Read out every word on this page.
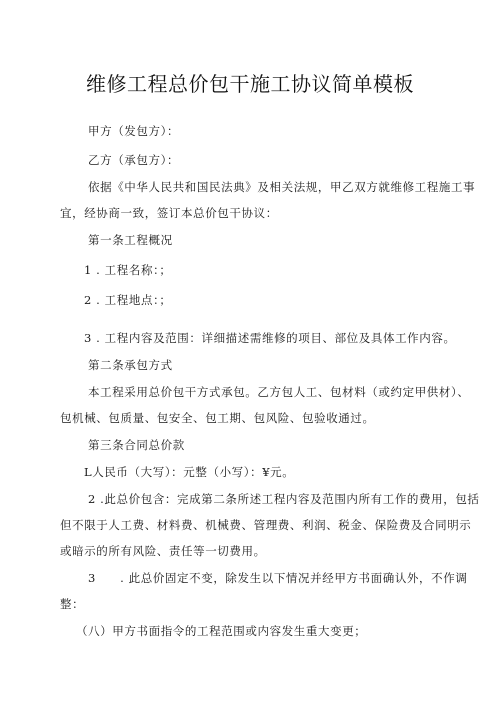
维修工程总价包干施工协议简单模板
甲方（发包方）：
乙方（承包方）：
依据《中华人民共和国民法典》及相关法规，甲乙双方就维修工程施工事
宜，经协商一致，签订本总价包干协议：
第一条工程概况
1 . 工程名称：；
2 . 工程地点：；
3 . 工程内容及范围：详细描述需维修的项目、部位及具体工作内容。
第二条承包方式
本工程采用总价包干方式承包。乙方包人工、包材料（或约定甲供材）、
包机械、包质量、包安全、包工期、包风险、包验收通过。
第三条合同总价款
L人民币（大写）：元整（小写）：¥元。
2 .此总价包含：完成第二条所述工程内容及范围内所有工作的费用，包括
但不限于人工费、材料费、机械费、管理费、利润、税金、保险费及合同明示
或暗示的所有风险、责任等一切费用。
3　　. 此总价固定不变，除发生以下情况并经甲方书面确认外，不作调
整：
（八）甲方书面指令的工程范围或内容发生重大变更；
